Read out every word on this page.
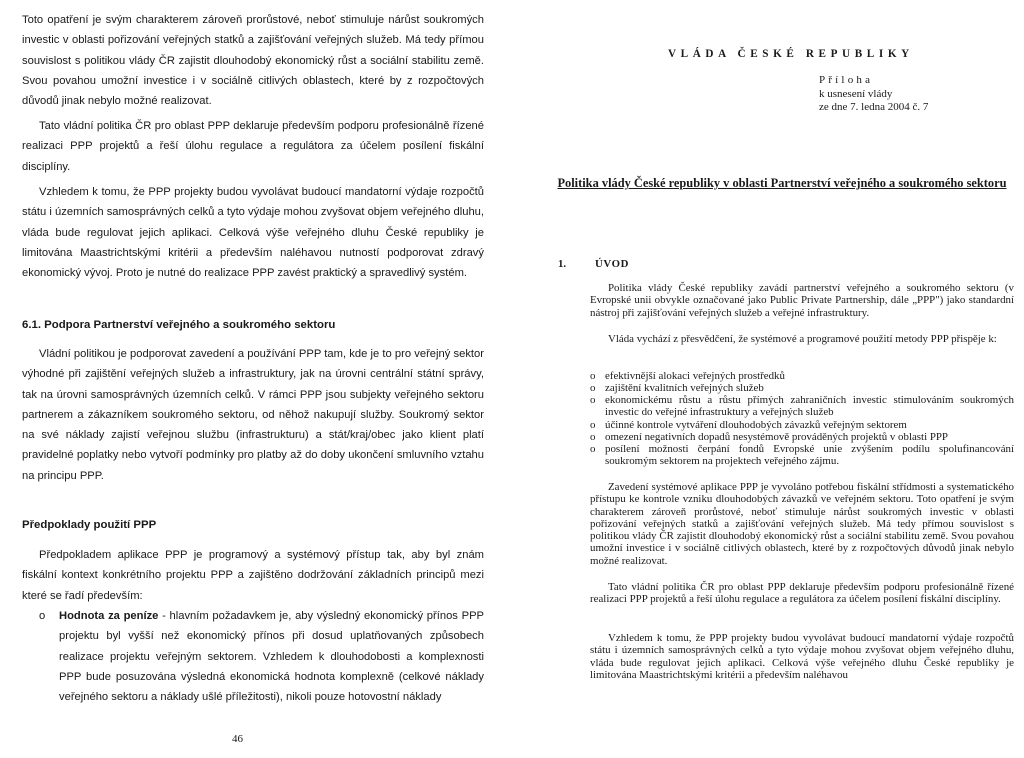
Toto opatření je svým charakterem zároveň prorůstové, neboť stimuluje nárůst soukromých investic v oblasti pořizování veřejných statků a zajišťování veřejných služeb. Má tedy přímou souvislost s politikou vlády ČR zajistit dlouhodobý ekonomický růst a sociální stabilitu země. Svou povahou umožní investice i v sociálně citlivých oblastech, které by z rozpočtových důvodů jinak nebylo možné realizovat.

Tato vládní politika ČR pro oblast PPP deklaruje především podporu profesionálně řízené realizaci PPP projektů a řeší úlohu regulace a regulátora za účelem posílení fiskální disciplíny.

Vzhledem k tomu, že PPP projekty budou vyvolávat budoucí mandatorní výdaje rozpočtů státu i územních samosprávných celků a tyto výdaje mohou zvyšovat objem veřejného dluhu, vláda bude regulovat jejich aplikaci. Celková výše veřejného dluhu České republiky je limitována Maastrichtskými kritérii a především naléhavou nutností podporovat zdravý ekonomický vývoj. Proto je nutné do realizace PPP zavést praktický a spravedlivý systém.

6.1. Podpora Partnerství veřejného a soukromého sektoru

Vládní politikou je podporovat zavedení a používání PPP tam, kde je to pro veřejný sektor výhodné při zajištění veřejných služeb a infrastruktury, jak na úrovni centrální státní správy, tak na úrovni samosprávných územních celků. V rámci PPP jsou subjekty veřejného sektoru partnerem a zákazníkem soukromého sektoru, od něhož nakupují služby. Soukromý sektor na své náklady zajistí veřejnou službu (infrastrukturu) a stát/kraj/obec jako klient platí pravidelné poplatky nebo vytvoří podmínky pro platby až do doby ukončení smluvního vztahu na principu PPP.

Předpoklady použití PPP

Předpokladem aplikace PPP je programový a systémový přístup tak, aby byl znám fiskální kontext konkrétního projektu PPP a zajištěno dodržování základních principů mezi které se řadí především:

o Hodnota za peníze - hlavním požadavkem je, aby výsledný ekonomický přínos PPP projektu byl vyšší než ekonomický přínos při dosud uplatňovaných způsobech realizace projektu veřejným sektorem. Vzhledem k dlouhodobosti a komplexnosti PPP bude posuzována výsledná ekonomická hodnota komplexně (celkové náklady veřejného sektoru a náklady ušlé příležitosti), nikoli pouze hotovostní náklady
46
VLÁDA ČESKÉ REPUBLIKY
Příloha
k usnesení vlády
ze dne 7. ledna 2004 č. 7
Politika vlády České republiky v oblasti Partnerství veřejného a soukromého sektoru
1.	ÚVOD

Politika vlády České republiky zavádí partnerství veřejného a soukromého sektoru (v Evropské unii obvykle označované jako Public Private Partnership, dále „PPP") jako standardní nástroj při zajišťování veřejných služeb a veřejné infrastruktury.

Vláda vychází z přesvědčení, že systémové a programové použití metody PPP přispěje k:

o efektivnější alokaci veřejných prostředků
o zajištění kvalitních veřejných služeb
o ekonomickému růstu a růstu přímých zahraničních investic stimulováním soukromých investic do veřejné infrastruktury a veřejných služeb
o účinné kontrole vytváření dlouhodobých závazků veřejným sektorem
o omezení negativních dopadů nesystémově prováděných projektů v oblasti PPP
o posílení možnosti čerpání fondů Evropské unie zvýšením podílu spolufinancování soukromým sektorem na projektech veřejného zájmu.

Zavedení systémové aplikace PPP je vyvoláno potřebou fiskální střídmosti a systematického přístupu ke kontrole vzniku dlouhodobých závazků ve veřejném sektoru. Toto opatření je svým charakterem zároveň prorůstové, neboť stimuluje nárůst soukromých investic v oblasti pořizování veřejných statků a zajišťování veřejných služeb. Má tedy přímou souvislost s politikou vlády ČR zajistit dlouhodobý ekonomický růst a sociální stabilitu země. Svou povahou umožní investice i v sociálně citlivých oblastech, které by z rozpočtových důvodů jinak nebylo možné realizovat.

Tato vládní politika ČR pro oblast PPP deklaruje především podporu profesionálně řízené realizaci PPP projektů a řeší úlohu regulace a regulátora za účelem posílení fiskální disciplíny.

Vzhledem k tomu, že PPP projekty budou vyvolávat budoucí mandatorní výdaje rozpočtů státu i územních samosprávných celků a tyto výdaje mohou zvyšovat objem veřejného dluhu, vláda bude regulovat jejich aplikaci. Celková výše veřejného dluhu České republiky je limitována Maastrichtskými kritérii a především naléhavou
